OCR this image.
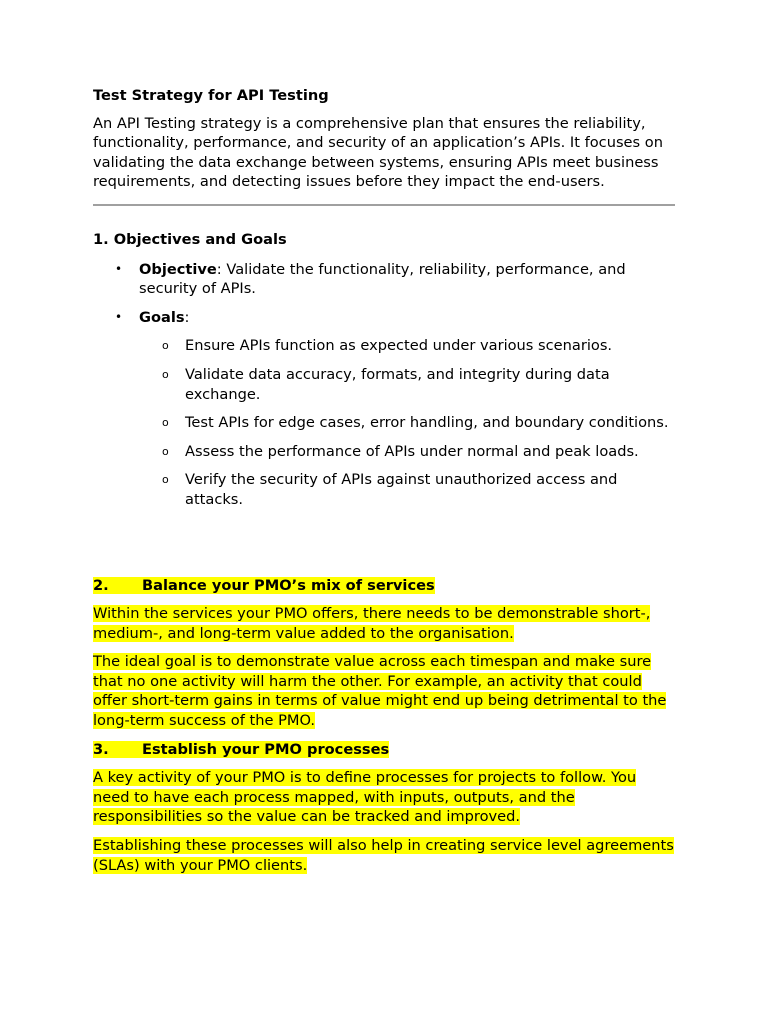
Test Strategy for API Testing

An API Testing strategy is a comprehensive plan that ensures the reliability, functionality, performance, and security of an application’s APIs. It focuses on validating the data exchange between systems, ensuring APIs meet business requirements, and detecting issues before they impact the end-users.

1. Objectives and Goals
• Objective: Validate the functionality, reliability, performance, and security of APIs.
• Goals:
o Ensure APIs function as expected under various scenarios.
o Validate data accuracy, formats, and integrity during data exchange.
o Test APIs for edge cases, error handling, and boundary conditions.
o Assess the performance of APIs under normal and peak loads.
o Verify the security of APIs against unauthorized access and attacks.
2. Balance your PMO’s mix of services

Within the services your PMO offers, there needs to be demonstrable short-, medium-, and long-term value added to the organisation.

The ideal goal is to demonstrate value across each timespan and make sure that no one activity will harm the other. For example, an activity that could offer short-term gains in terms of value might end up being detrimental to the long-term success of the PMO.

3. Establish your PMO processes

A key activity of your PMO is to define processes for projects to follow. You need to have each process mapped, with inputs, outputs, and the responsibilities so the value can be tracked and improved.

Establishing these processes will also help in creating service level agreements (SLAs) with your PMO clients.
